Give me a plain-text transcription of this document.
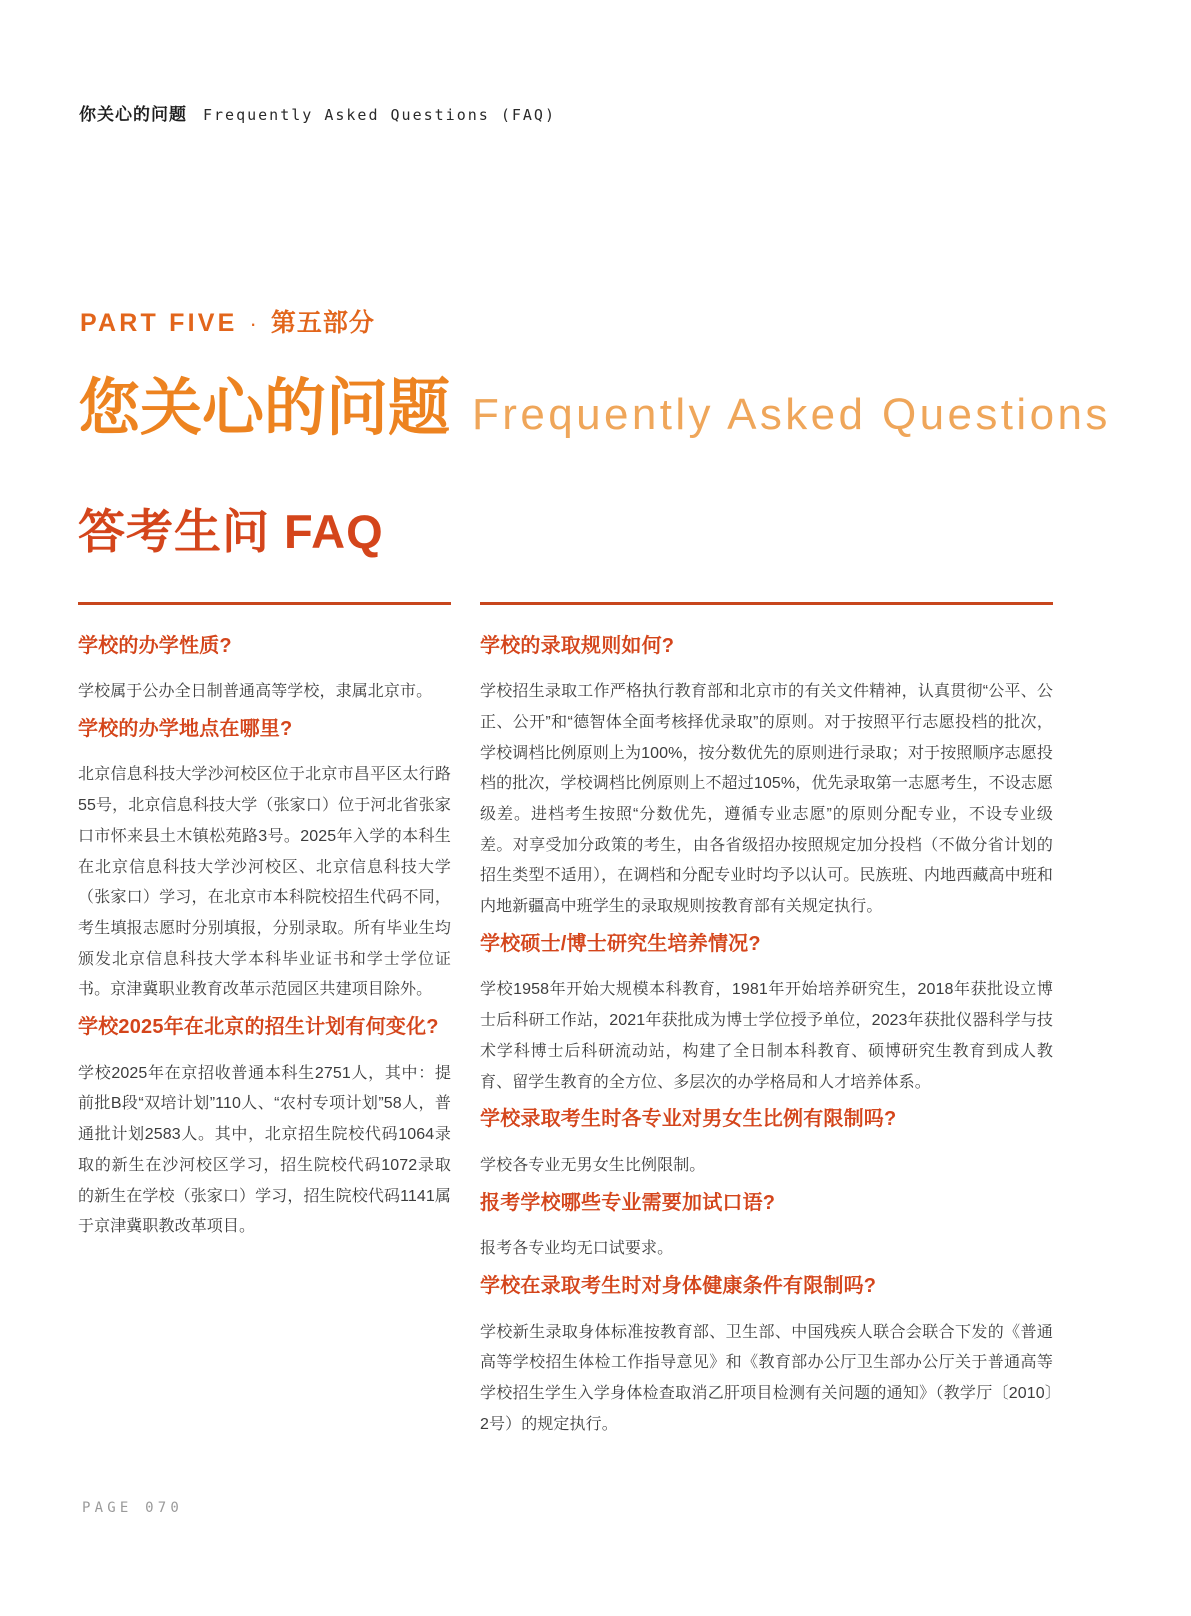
你关心的问题 Frequently Asked Questions (FAQ)
PART FIVE · 第五部分
您关心的问题 Frequently Asked Questions
答考生问 FAQ

学校的办学性质?

学校属于公办全日制普通高等学校，隶属北京市。

学校的办学地点在哪里?

北京信息科技大学沙河校区位于北京市昌平区太行路55号，北京信息科技大学（张家口）位于河北省张家口市怀来县土木镇松苑路3号。2025年入学的本科生在北京信息科技大学沙河校区、北京信息科技大学（张家口）学习，在北京市本科院校招生代码不同，考生填报志愿时分别填报，分别录取。所有毕业生均颁发北京信息科技大学本科毕业证书和学士学位证书。京津冀职业教育改革示范园区共建项目除外。

学校2025年在北京的招生计划有何变化?

学校2025年在京招收普通本科生2751人，其中：提前批B段“双培计划”110人、“农村专项计划”58人，普通批计划2583人。其中，北京招生院校代码1064录取的新生在沙河校区学习，招生院校代码1072录取的新生在学校（张家口）学习，招生院校代码1141属于京津冀职教改革项目。

学校的录取规则如何?

学校招生录取工作严格执行教育部和北京市的有关文件精神，认真贯彻“公平、公正、公开”和“德智体全面考核择优录取”的原则。对于按照平行志愿投档的批次，学校调档比例原则上为100%，按分数优先的原则进行录取；对于按照顺序志愿投档的批次，学校调档比例原则上不超过105%，优先录取第一志愿考生，不设志愿级差。进档考生按照“分数优先，遵循专业志愿”的原则分配专业，不设专业级差。对享受加分政策的考生，由各省级招办按照规定加分投档（不做分省计划的招生类型不适用），在调档和分配专业时均予以认可。民族班、内地西藏高中班和内地新疆高中班学生的录取规则按教育部有关规定执行。

学校硕士/博士研究生培养情况?

学校1958年开始大规模本科教育，1981年开始培养研究生，2018年获批设立博士后科研工作站，2021年获批成为博士学位授予单位，2023年获批仪器科学与技术学科博士后科研流动站，构建了全日制本科教育、硕博研究生教育到成人教育、留学生教育的全方位、多层次的办学格局和人才培养体系。

学校录取考生时各专业对男女生比例有限制吗?

学校各专业无男女生比例限制。

报考学校哪些专业需要加试口语?

报考各专业均无口试要求。

学校在录取考生时对身体健康条件有限制吗?

学校新生录取身体标准按教育部、卫生部、中国残疾人联合会联合下发的《普通高等学校招生体检工作指导意见》和《教育部办公厅卫生部办公厅关于普通高等学校招生学生入学身体检查取消乙肝项目检测有关问题的通知》（教学厅〔2010〕2号）的规定执行。

PAGE 070
